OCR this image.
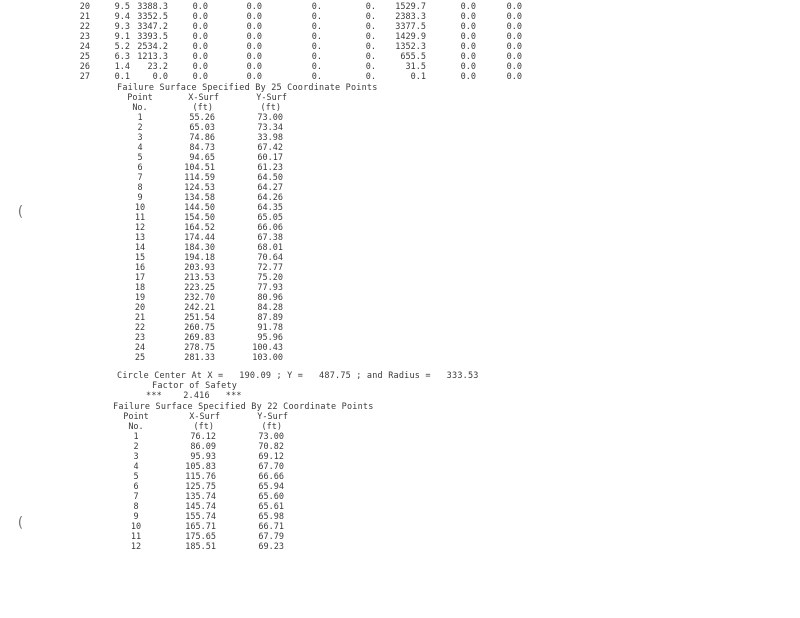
20	9.5	3388.3	0.0	0.0	0.	0.	1529.7	0.0	0.0
21	9.4	3352.5	0.0	0.0	0.	0.	2383.3	0.0	0.0
22	9.3	3347.2	0.0	0.0	0.	0.	3377.5	0.0	0.0
23	9.1	3393.5	0.0	0.0	0.	0.	1429.9	0.0	0.0
24	5.2	2534.2	0.0	0.0	0.	0.	1352.3	0.0	0.0
25	6.3	1213.3	0.0	0.0	0.	0.	655.5	0.0	0.0
26	1.4	23.2	0.0	0.0	0.	0.	31.5	0.0	0.0
27	0.1	0.0	0.0	0.0	0.	0.	0.1	0.0	0.0
Failure Surface Specified By 25 Coordinate Points
Point	X-Surf	Y-Surf
No.	(ft)	(ft)
1	55.26	73.00
2	65.03	73.34
3	74.86	33.98
4	84.73	67.42
5	94.65	60.17
6	104.51	61.23
7	114.59	64.50
8	124.53	64.27
9	134.58	64.26
10	144.50	64.35
11	154.50	65.05
12	164.52	66.06
13	174.44	67.38
14	184.30	68.01
15	194.18	70.64
16	203.93	72.77
17	213.53	75.20
18	223.25	77.93
19	232.70	80.96
20	242.21	84.28
21	251.54	87.89
22	260.75	91.78
23	269.83	95.96
24	278.75	100.43
25	281.33	103.00
Circle Center At X =   190.09 ; Y =   487.75 ; and Radius =   333.53
Factor of Safety
***    2.416   ***
Failure Surface Specified By 22 Coordinate Points
Point	X-Surf	Y-Surf
No.	(ft)	(ft)
1	76.12	73.00
2	86.09	70.82
3	95.93	69.12
4	105.83	67.70
5	115.76	66.66
6	125.75	65.94
7	135.74	65.60
8	145.74	65.61
9	155.74	65.98
10	165.71	66.71
11	175.65	67.79
12	185.51	69.23
(
(
